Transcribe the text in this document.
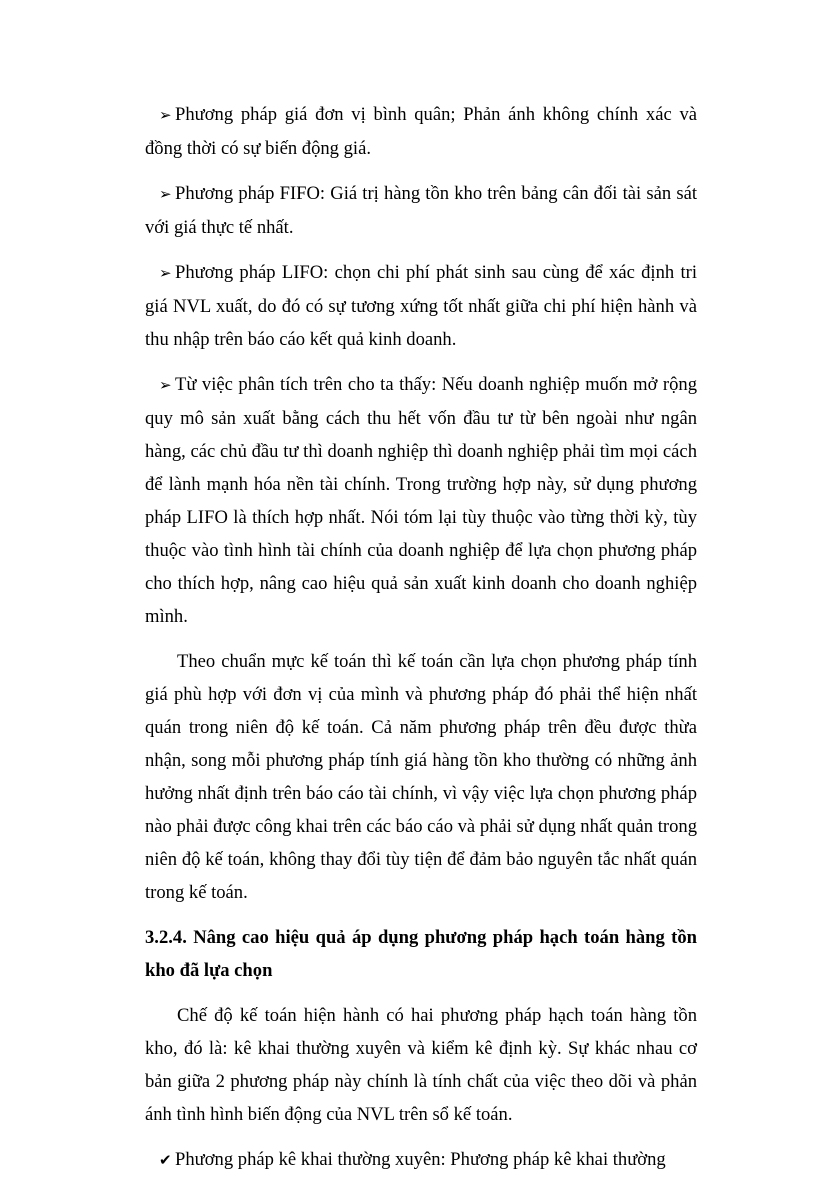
➢ Phương pháp giá đơn vị bình quân; Phản ánh không chính xác và đồng thời có sự biến động giá.

➢ Phương pháp FIFO: Giá trị hàng tồn kho trên bảng cân đối tài sản sát với giá thực tế nhất.

➢ Phương pháp LIFO: chọn chi phí phát sinh sau cùng để xác định tri giá NVL xuất, do đó có sự tương xứng tốt nhất giữa chi phí hiện hành và thu nhập trên báo cáo kết quả kinh doanh.

➢ Từ việc phân tích trên cho ta thấy: Nếu doanh nghiệp muốn mở rộng quy mô sản xuất bằng cách thu hết vốn đầu tư từ bên ngoài như ngân hàng, các chủ đầu tư thì doanh nghiệp thì doanh nghiệp phải tìm mọi cách để lành mạnh hóa nền tài chính. Trong trường hợp này, sử dụng phương pháp LIFO là thích hợp nhất. Nói tóm lại tùy thuộc vào từng thời kỳ, tùy thuộc vào tình hình tài chính của doanh nghiệp để lựa chọn phương pháp cho thích hợp, nâng cao hiệu quả sản xuất kinh doanh cho doanh nghiệp mình.

Theo chuẩn mực kế toán thì kế toán cần lựa chọn phương pháp tính giá phù hợp với đơn vị của mình và phương pháp đó phải thể hiện nhất quán trong niên độ kế toán. Cả năm phương pháp trên đều được thừa nhận, song mỗi phương pháp tính giá hàng tồn kho thường có những ảnh hưởng nhất định trên báo cáo tài chính, vì vậy việc lựa chọn phương pháp nào phải được công khai trên các báo cáo và phải sử dụng nhất quản trong niên độ kế toán, không thay đổi tùy tiện để đảm bảo nguyên tắc nhất quán trong kế toán.

3.2.4. Nâng cao hiệu quả áp dụng phương pháp hạch toán hàng tồn kho đã lựa chọn

Chế độ kế toán hiện hành có hai phương pháp hạch toán hàng tồn kho, đó là: kê khai thường xuyên và kiểm kê định kỳ. Sự khác nhau cơ bản giữa 2 phương pháp này chính là tính chất của việc theo dõi và phản ánh tình hình biến động của NVL trên sổ kế toán.

✔ Phương pháp kê khai thường xuyên: Phương pháp kê khai thường
